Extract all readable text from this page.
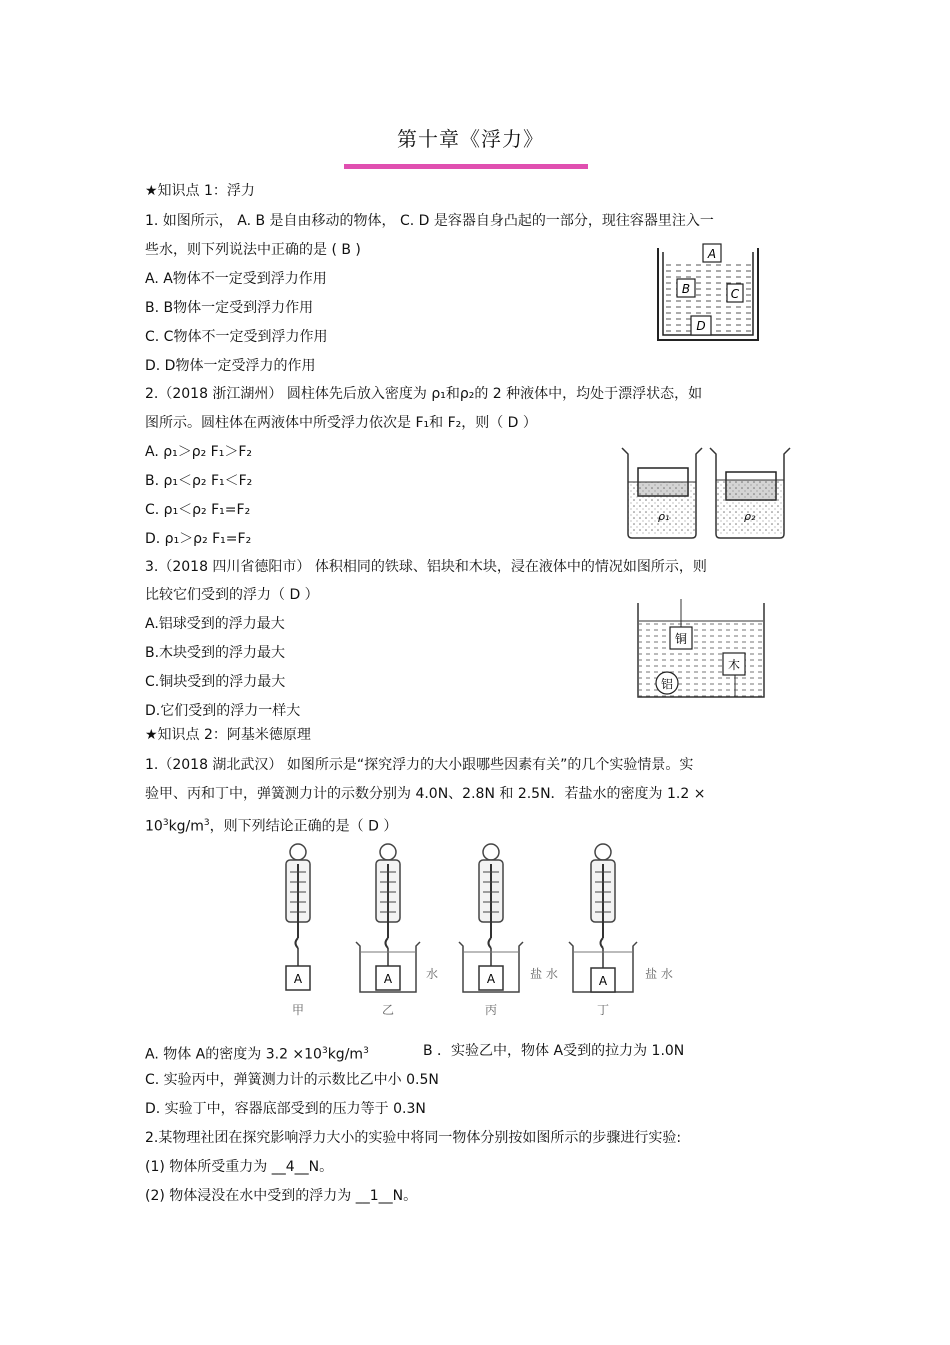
第十章《浮力》
★知识点 1：浮力
1. 如图所示， A. B 是自由移动的物体， C. D 是容器自身凸起的一部分，现往容器里注入一
些水，则下列说法中正确的是 ( B )
A. A物体不一定受到浮力作用
B. B物体一定受到浮力作用
C. C物体不一定受到浮力作用
D. D物体一定受浮力的作用
A
B	C
D
2.（2018 浙江湖州） 圆柱体先后放入密度为 ρ₁和ρ₂的 2 种液体中，均处于漂浮状态，如
图所示。圆柱体在两液体中所受浮力依次是 F₁和 F₂，则（ D ）
A. ρ₁＞ρ₂ F₁＞F₂
B. ρ₁＜ρ₂ F₁＜F₂
C. ρ₁＜ρ₂ F₁=F₂
D. ρ₁＞ρ₂ F₁=F₂
ρ₁	ρ₂
3.（2018 四川省德阳市） 体积相同的铁球、铝块和木块，浸在液体中的情况如图所示，则
比较它们受到的浮力（ D ）
A.铝球受到的浮力最大
B.木块受到的浮力最大
C.铜块受到的浮力最大
D.它们受到的浮力一样大
铜
木
铝
★知识点 2：阿基米德原理
1.（2018 湖北武汉） 如图所示是“探究浮力的大小跟哪些因素有关”的几个实验情景。实
验甲、丙和丁中，弹簧测力计的示数分别为 4.0N、2.8N 和 2.5N．若盐水的密度为 1.2 ×
$10^3kg/m^3$，则下列结论正确的是（ D ）
A
甲
A	水
乙
A	盐 水
丙
A	盐 水
丁
A. 物体 A的密度为 $3.2 \times 10^3kg/m^3$	B ．实验乙中，物体 A受到的拉力为 1.0N
C. 实验丙中，弹簧测力计的示数比乙中小 0.5N
D. 实验丁中，容器底部受到的压力等于 0.3N
2.某物理社团在探究影响浮力大小的实验中将同一物体分别按如图所示的步骤进行实验:
(1) 物体所受重力为 __4__N。
(2) 物体浸没在水中受到的浮力为 __1__N。
